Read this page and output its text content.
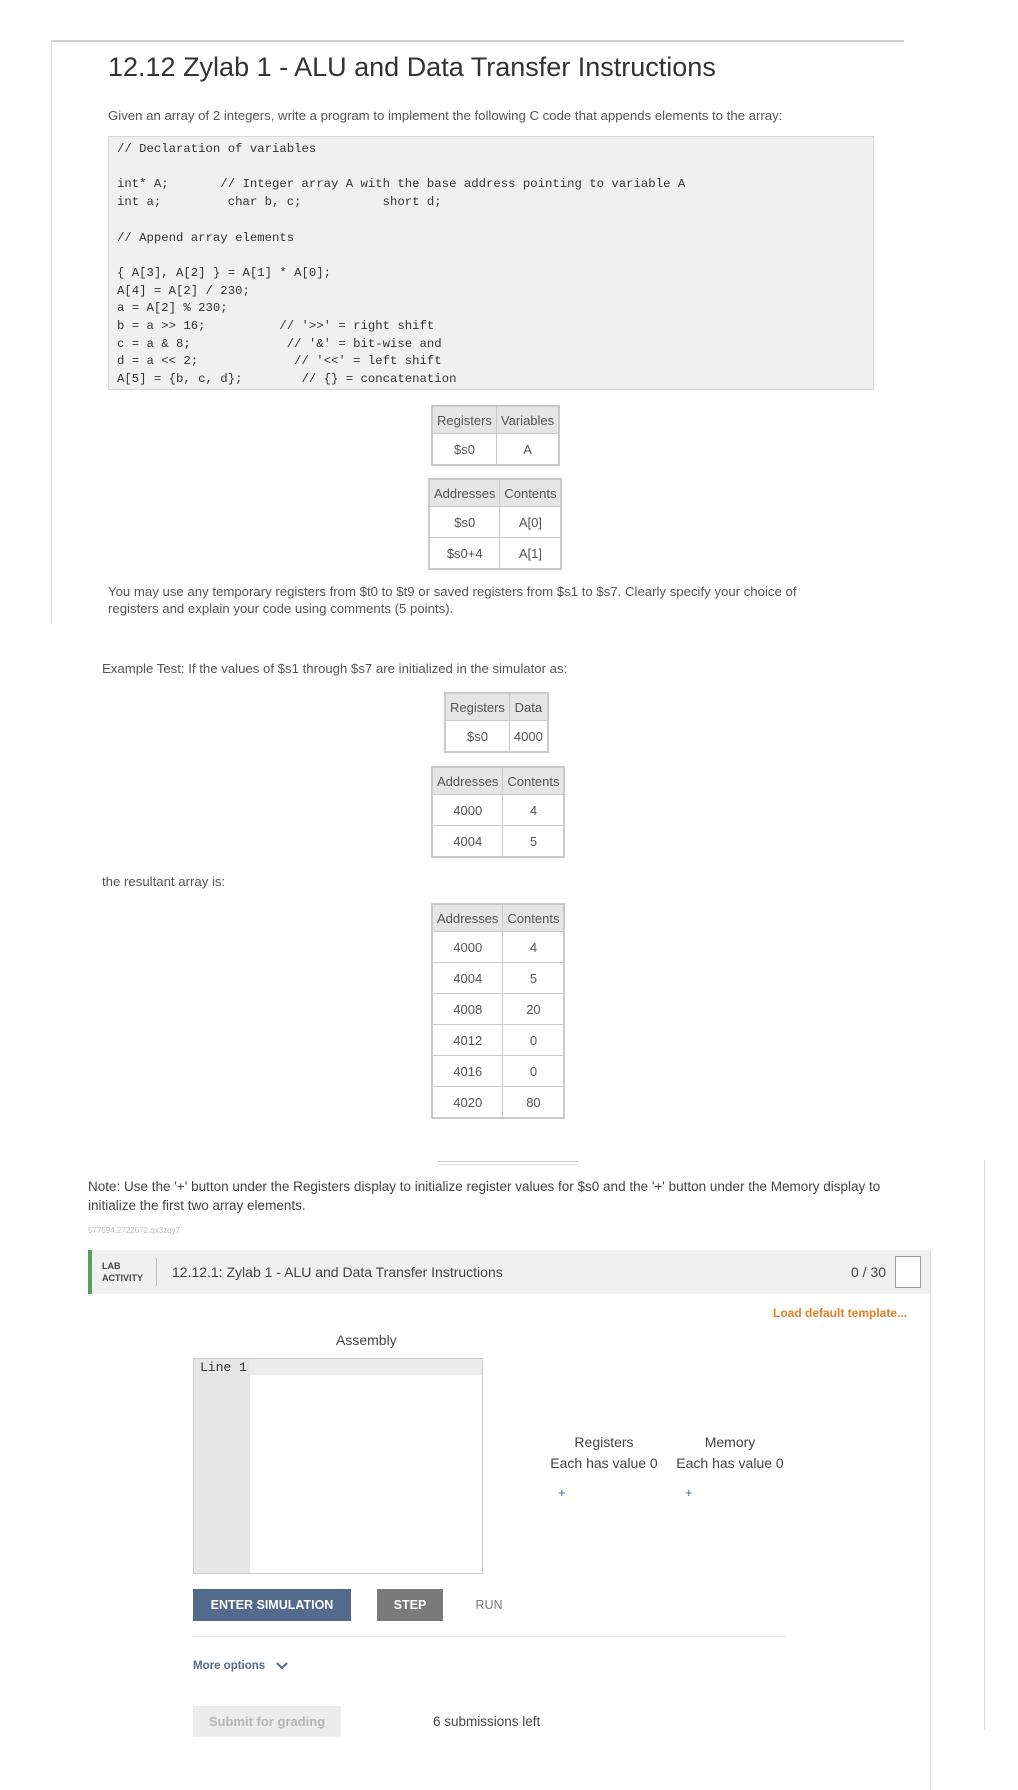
12.12 Zylab 1 - ALU and Data Transfer Instructions
Given an array of 2 integers, write a program to implement the following C code that appends elements to the array:
// Declaration of variables

int* A;       // Integer array A with the base address pointing to variable A
int a;         char b, c;           short d;

// Append array elements

{ A[3], A[2] } = A[1] * A[0];
A[4] = A[2] / 230;
a = A[2] % 230;
b = a >> 16;          // '>>' = right shift
c = a & 8;             // '&' = bit-wise and
d = a << 2;             // '<<' = left shift
A[5] = {b, c, d};        // {} = concatenation
Registers	Variables
$s0	A
Addresses	Contents
$s0	A[0]
$s0+4	A[1]
You may use any temporary registers from $t0 to $t9 or saved registers from $s1 to $s7. Clearly specify your choice of registers and explain your code using comments (5 points).
Example Test: If the values of $s1 through $s7 are initialized in the simulator as:
Registers	Data
$s0	4000
Addresses	Contents
4000	4
4004	5
the resultant array is:
Addresses	Contents
4000	4
4004	5
4008	20
4012	0
4016	0
4020	80
Note: Use the '+' button under the Registers display to initialize register values for $s0 and the '+' button under the Memory display to initialize the first two array elements.
577594.2722072.qx3zqy7
LAB
ACTIVITY 12.12.1: Zylab 1 - ALU and Data Transfer Instructions	0 / 30
Load default template...
Assembly
Line 1
Registers
Each has value 0
+
Memory
Each has value 0
+
ENTER SIMULATION	STEP	RUN
More options
Submit for grading	6 submissions left
